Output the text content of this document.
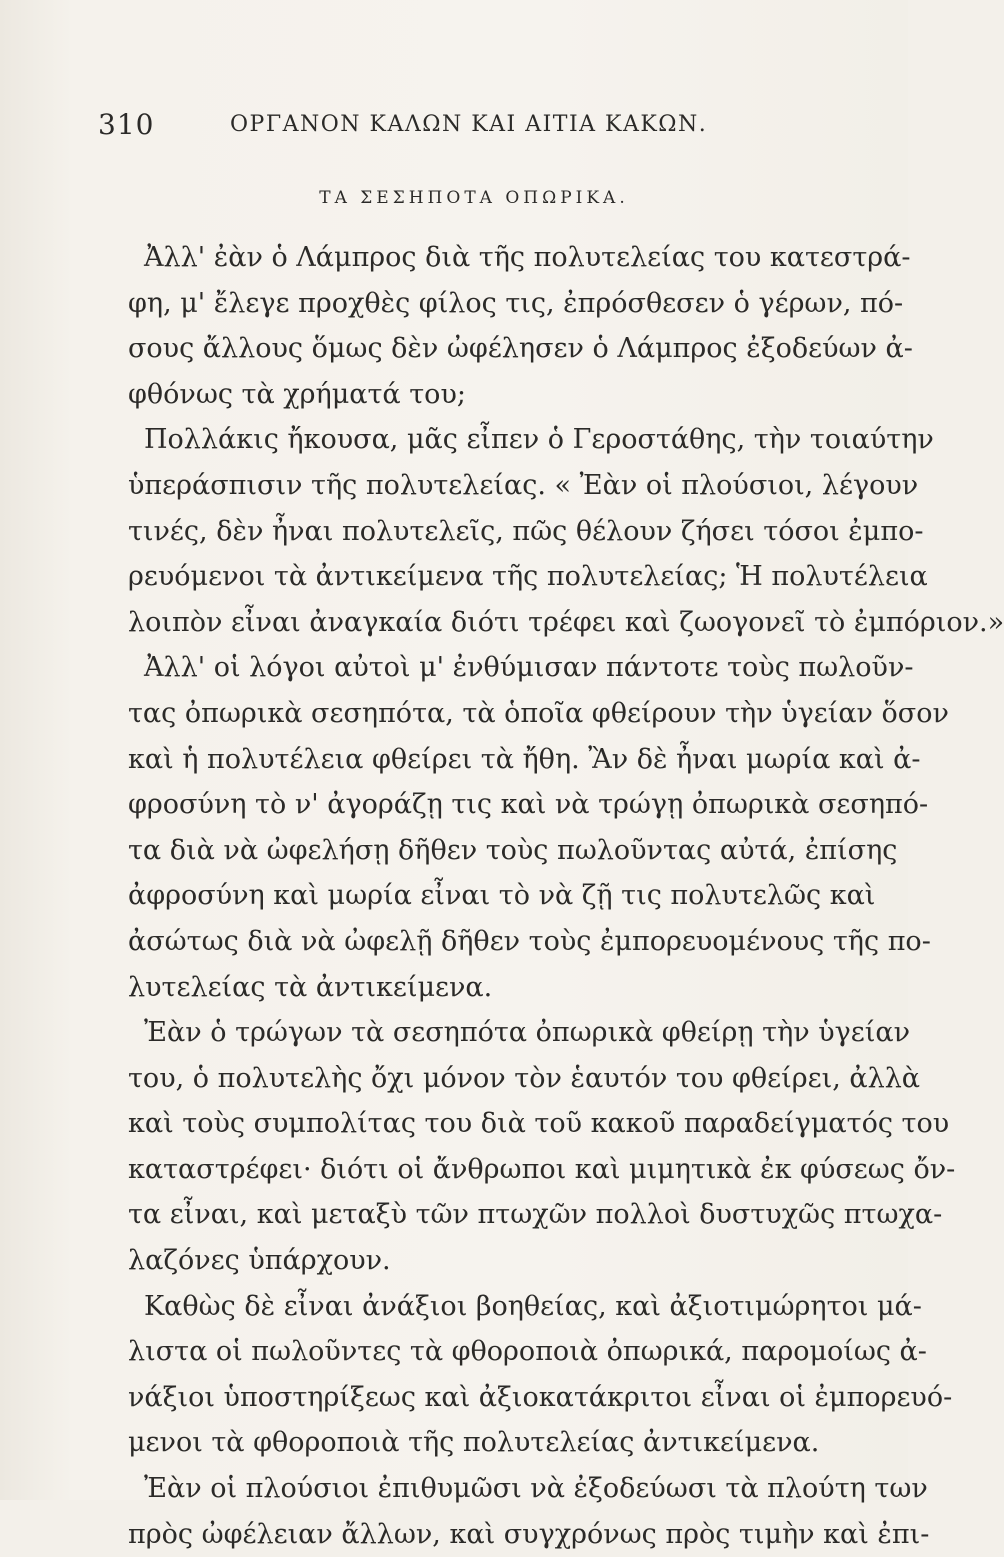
310	ΟΡΓΑΝΟΝ ΚΑΛΩΝ ΚΑΙ ΑΙΤΙΑ ΚΑΚΩΝ.
ΤΑ ΣΕΣΗΠΟΤΑ ΟΠΩΡΙΚΑ.
Ἀλλ' ἐὰν ὁ Λάμπρος διὰ τῆς πολυτελείας του κατεστρά-
φη, μ' ἔλεγε προχθὲς φίλος τις, ἐπρόσθεσεν ὁ γέρων, πό-
σους ἄλλους ὅμως δὲν ὠφέλησεν ὁ Λάμπρος ἐξοδεύων ἀ-
φθόνως τὰ χρήματά του;
Πολλάκις ἤκουσα, μᾶς εἶπεν ὁ Γεροστάθης, τὴν τοιαύτην
ὑπεράσπισιν τῆς πολυτελείας. « Ἐὰν οἱ πλούσιοι, λέγουν
τινές, δὲν ἦναι πολυτελεῖς, πῶς θέλουν ζήσει τόσοι ἐμπο-
ρευόμενοι τὰ ἀντικείμενα τῆς πολυτελείας; Ἡ πολυτέλεια
λοιπὸν εἶναι ἀναγκαία διότι τρέφει καὶ ζωογονεῖ τὸ ἐμπόριον.»
Ἀλλ' οἱ λόγοι αὐτοὶ μ' ἐνθύμισαν πάντοτε τοὺς πωλοῦν-
τας ὀπωρικὰ σεσηπότα, τὰ ὁποῖα φθείρουν τὴν ὑγείαν ὅσον
καὶ ἡ πολυτέλεια φθείρει τὰ ἤθη. Ἂν δὲ ἦναι μωρία καὶ ἀ-
φροσύνη τὸ ν' ἀγοράζῃ τις καὶ νὰ τρώγῃ ὀπωρικὰ σεσηπό-
τα διὰ νὰ ὠφελήσῃ δῆθεν τοὺς πωλοῦντας αὐτά, ἐπίσης
ἀφροσύνη καὶ μωρία εἶναι τὸ νὰ ζῇ τις πολυτελῶς καὶ
ἀσώτως διὰ νὰ ὠφελῇ δῆθεν τοὺς ἐμπορευομένους τῆς πο-
λυτελείας τὰ ἀντικείμενα.
Ἐὰν ὁ τρώγων τὰ σεσηπότα ὀπωρικὰ φθείρῃ τὴν ὑγείαν
του, ὁ πολυτελὴς ὄχι μόνον τὸν ἑαυτόν του φθείρει, ἀλλὰ
καὶ τοὺς συμπολίτας του διὰ τοῦ κακοῦ παραδείγματός του
καταστρέφει· διότι οἱ ἄνθρωποι καὶ μιμητικὰ ἐκ φύσεως ὄν-
τα εἶναι, καὶ μεταξὺ τῶν πτωχῶν πολλοὶ δυστυχῶς πτωχα-
λαζόνες ὑπάρχουν.
Καθὼς δὲ εἶναι ἀνάξιοι βοηθείας, καὶ ἀξιοτιμώρητοι μά-
λιστα οἱ πωλοῦντες τὰ φθοροποιὰ ὀπωρικά, παρομοίως ἀ-
νάξιοι ὑποστηρίξεως καὶ ἀξιοκατάκριτοι εἶναι οἱ ἐμπορευό-
μενοι τὰ φθοροποιὰ τῆς πολυτελείας ἀντικείμενα.
Ἐὰν οἱ πλούσιοι ἐπιθυμῶσι νὰ ἐξοδεύωσι τὰ πλούτη των
πρὸς ὠφέλειαν ἄλλων, καὶ συγχρόνως πρὸς τιμὴν καὶ ἐπι-
